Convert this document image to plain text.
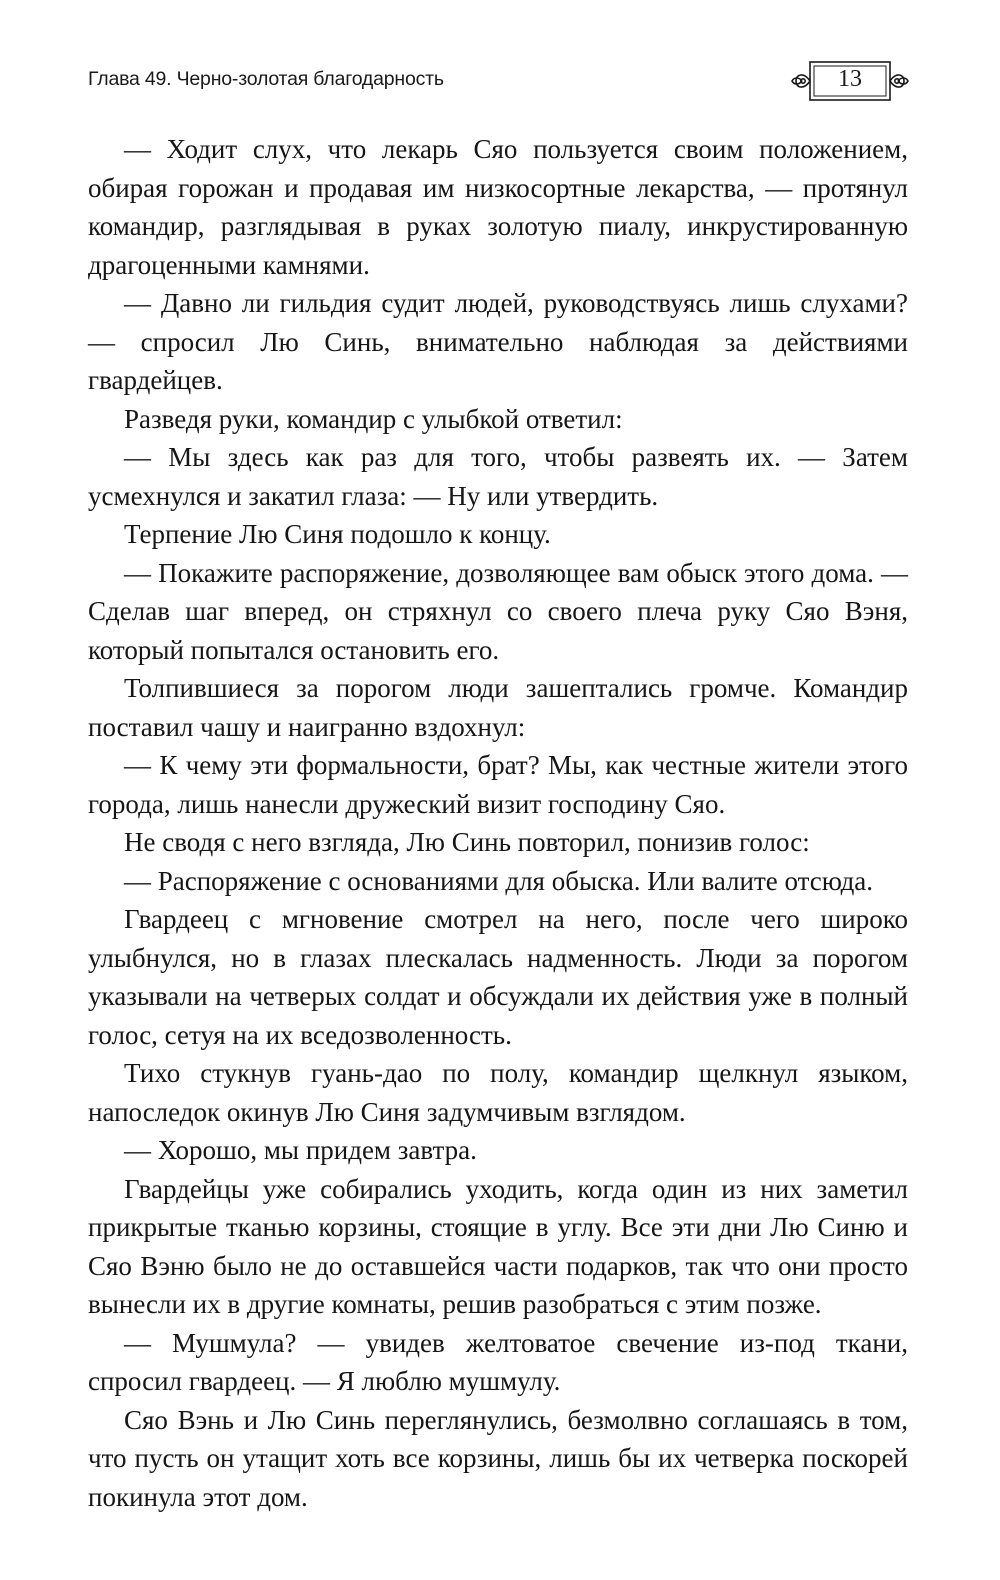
Глава 49. Черно-золотая благодарность	13

— Ходит слух, что лекарь Сяо пользуется своим положением, обирая горожан и продавая им низкосортные лекарства, — протянул командир, разглядывая в руках золотую пиалу, инкрустированную драгоценными камнями.

— Давно ли гильдия судит людей, руководствуясь лишь слухами? — спросил Лю Синь, внимательно наблюдая за действиями гвардейцев.

Разведя руки, командир с улыбкой ответил:

— Мы здесь как раз для того, чтобы развеять их. — Затем усмехнулся и закатил глаза: — Ну или утвердить.

Терпение Лю Синя подошло к концу.

— Покажите распоряжение, дозволяющее вам обыск этого дома. — Сделав шаг вперед, он стряхнул со своего плеча руку Сяо Вэня, который попытался остановить его.

Толпившиеся за порогом люди зашептались громче. Командир поставил чашу и наигранно вздохнул:

— К чему эти формальности, брат? Мы, как честные жители этого города, лишь нанесли дружеский визит господину Сяо.

Не сводя с него взгляда, Лю Синь повторил, понизив голос:

— Распоряжение с основаниями для обыска. Или валите отсюда.

Гвардеец с мгновение смотрел на него, после чего широко улыбнулся, но в глазах плескалась надменность. Люди за порогом указывали на четверых солдат и обсуждали их действия уже в полный голос, сетуя на их вседозволенность.

Тихо стукнув гуань-дао по полу, командир щелкнул языком, напоследок окинув Лю Синя задумчивым взглядом.

— Хорошо, мы придем завтра.

Гвардейцы уже собирались уходить, когда один из них заметил прикрытые тканью корзины, стоящие в углу. Все эти дни Лю Синю и Сяо Вэню было не до оставшейся части подарков, так что они просто вынесли их в другие комнаты, решив разобраться с этим позже.

— Мушмула? — увидев желтоватое свечение из-под ткани, спросил гвардеец. — Я люблю мушмулу.

Сяо Вэнь и Лю Синь переглянулись, безмолвно соглашаясь в том, что пусть он утащит хоть все корзины, лишь бы их четверка поскорей покинула этот дом.
